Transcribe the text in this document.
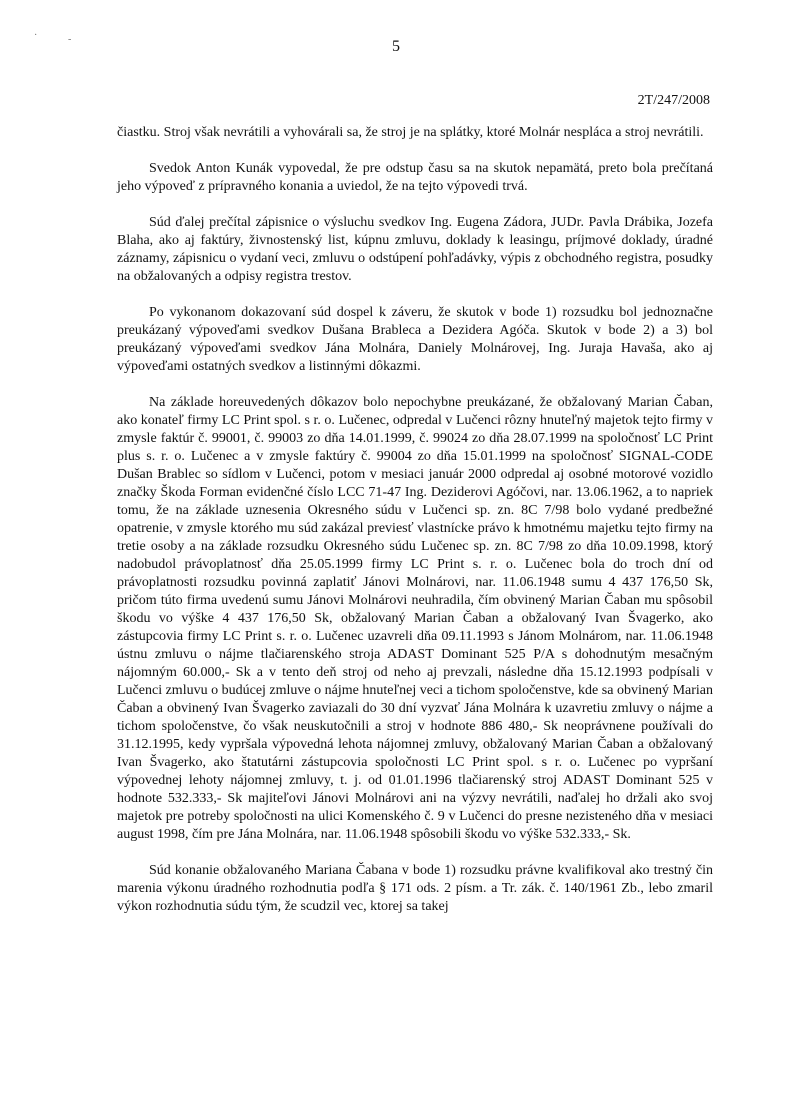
·	-	5
2T/247/2008

čiastku. Stroj však nevrátili a vyhovárali sa, že stroj je na splátky, ktoré Molnár nesplácа a stroj nevrátili.

Svedok Anton Kunák vypovedal, že pre odstup času sa na skutok nepamätá, preto bola prečítaná jeho výpoveď z prípravného konania a uviedol, že na tejto výpovedi trvá.

Súd ďalej prečítal zápisnice o výsluchu svedkov Ing. Eugena Zádora, JUDr. Pavla Drábika, Jozefa Blaha, ako aj faktúry, živnostenský list, kúpnu zmluvu, doklady k leasingu, príjmové doklady, úradné záznamy, zápisnicu o vydaní veci, zmluvu o odstúpení pohľadávky, výpis z obchodného registra, posudky na obžalovaných a odpisy registra trestov.

Po vykonanom dokazovaní súd dospel k záveru, že skutok v bode 1) rozsudku bol jednoznačne preukázaný výpoveďami svedkov Dušana Brableca a Dezidera Agóča. Skutok v bode 2) a 3) bol preukázaný výpoveďami svedkov Jána Molnára, Daniely Molnárovej, Ing. Juraja Havaša, ako aj výpoveďami ostatných svedkov a listinnými dôkazmi.

Na základe horeuvedených dôkazov bolo nepochybne preukázané, že obžalovaný Marian Čaban, ako konateľ firmy LC Print spol. s r. o. Lučenec, odpredal v Lučenci rôzny hnuteľný majetok tejto firmy v zmysle faktúr č. 99001, č. 99003 zo dňa 14.01.1999, č. 99024 zo dňa 28.07.1999 na spoločnosť LC Print plus s. r. o. Lučenec a v zmysle faktúry č. 99004 zo dňa 15.01.1999 na spoločnosť SIGNAL-CODE Dušan Brablec so sídlom v Lučenci, potom v mesiaci január 2000 odpredal aj osobné motorové vozidlo značky Škoda Forman evidenčné číslo LCC 71-47 Ing. Deziderovi Agóčovi, nar. 13.06.1962, a to napriek tomu, že na základe uznesenia Okresného súdu v Lučenci sp. zn. 8C 7/98 bolo vydané predbežné opatrenie, v zmysle ktorého mu súd zakázal previesť vlastnícke právo k hmotnému majetku tejto firmy na tretie osoby a na základe rozsudku Okresného súdu Lučenec sp. zn. 8C 7/98 zo dňa 10.09.1998, ktorý nadobudol právoplatnosť dňa 25.05.1999 firmy LC Print s. r. o. Lučenec bola do troch dní od právoplatnosti rozsudku povinná zaplatiť Jánovi Molnárovi, nar. 11.06.1948 sumu 4 437 176,50 Sk, pričom túto firma uvedenú sumu Jánovi Molnárovi neuhradila, čím obvinený Marian Čaban mu spôsobil škodu vo výške 4 437 176,50 Sk, obžalovaný Marian Čaban a obžalovaný Ivan Švagerko, ako zástupcovia firmy LC Print s. r. o. Lučenec uzavreli dňa 09.11.1993 s Jánom Molnárom, nar. 11.06.1948 ústnu zmluvu o nájme tlačiarenského stroja ADAST Dominant 525 P/A s dohodnutým mesačným nájomným 60.000,- Sk a v tento deň stroj od neho aj prevzali, následne dňa 15.12.1993 podpísali v Lučenci zmluvu o budúcej zmluve o nájme hnuteľnej veci a tichom spoločenstve, kde sa obvinený Marian Čaban a obvinený Ivan Švagerko zaviazali do 30 dní vyzvať Jána Molnára k uzavretiu zmluvy o nájme a tichom spoločenstve, čo však neuskutočnili a stroj v hodnote 886 480,- Sk neoprávnene používali do 31.12.1995, kedy vypršala výpovedná lehota nájomnej zmluvy, obžalovaný Marian Čaban a obžalovaný Ivan Švagerko, ako štatutárni zástupcovia spoločnosti LC Print spol. s r. o. Lučenec po vypršaní výpovednej lehoty nájomnej zmluvy, t. j. od 01.01.1996 tlačiarenský stroj ADAST Dominant 525 v hodnote 532.333,- Sk majiteľovi Jánovi Molnárovi ani na výzvy nevrátili, naďalej ho držali ako svoj majetok pre potreby spoločnosti na ulici Komenského č. 9 v Lučenci do presne nezisteného dňa v mesiaci august 1998, čím pre Jána Molnára, nar. 11.06.1948 spôsobili škodu vo výške 532.333,- Sk.

Súd konanie obžalovaného Mariana Čabana v bode 1) rozsudku právne kvalifikoval ako trestný čin marenia výkonu úradného rozhodnutia podľa § 171 ods. 2 písm. a Tr. zák. č. 140/1961 Zb., lebo zmaril výkon rozhodnutia súdu tým, že scudzil vec, ktorej sa takej
